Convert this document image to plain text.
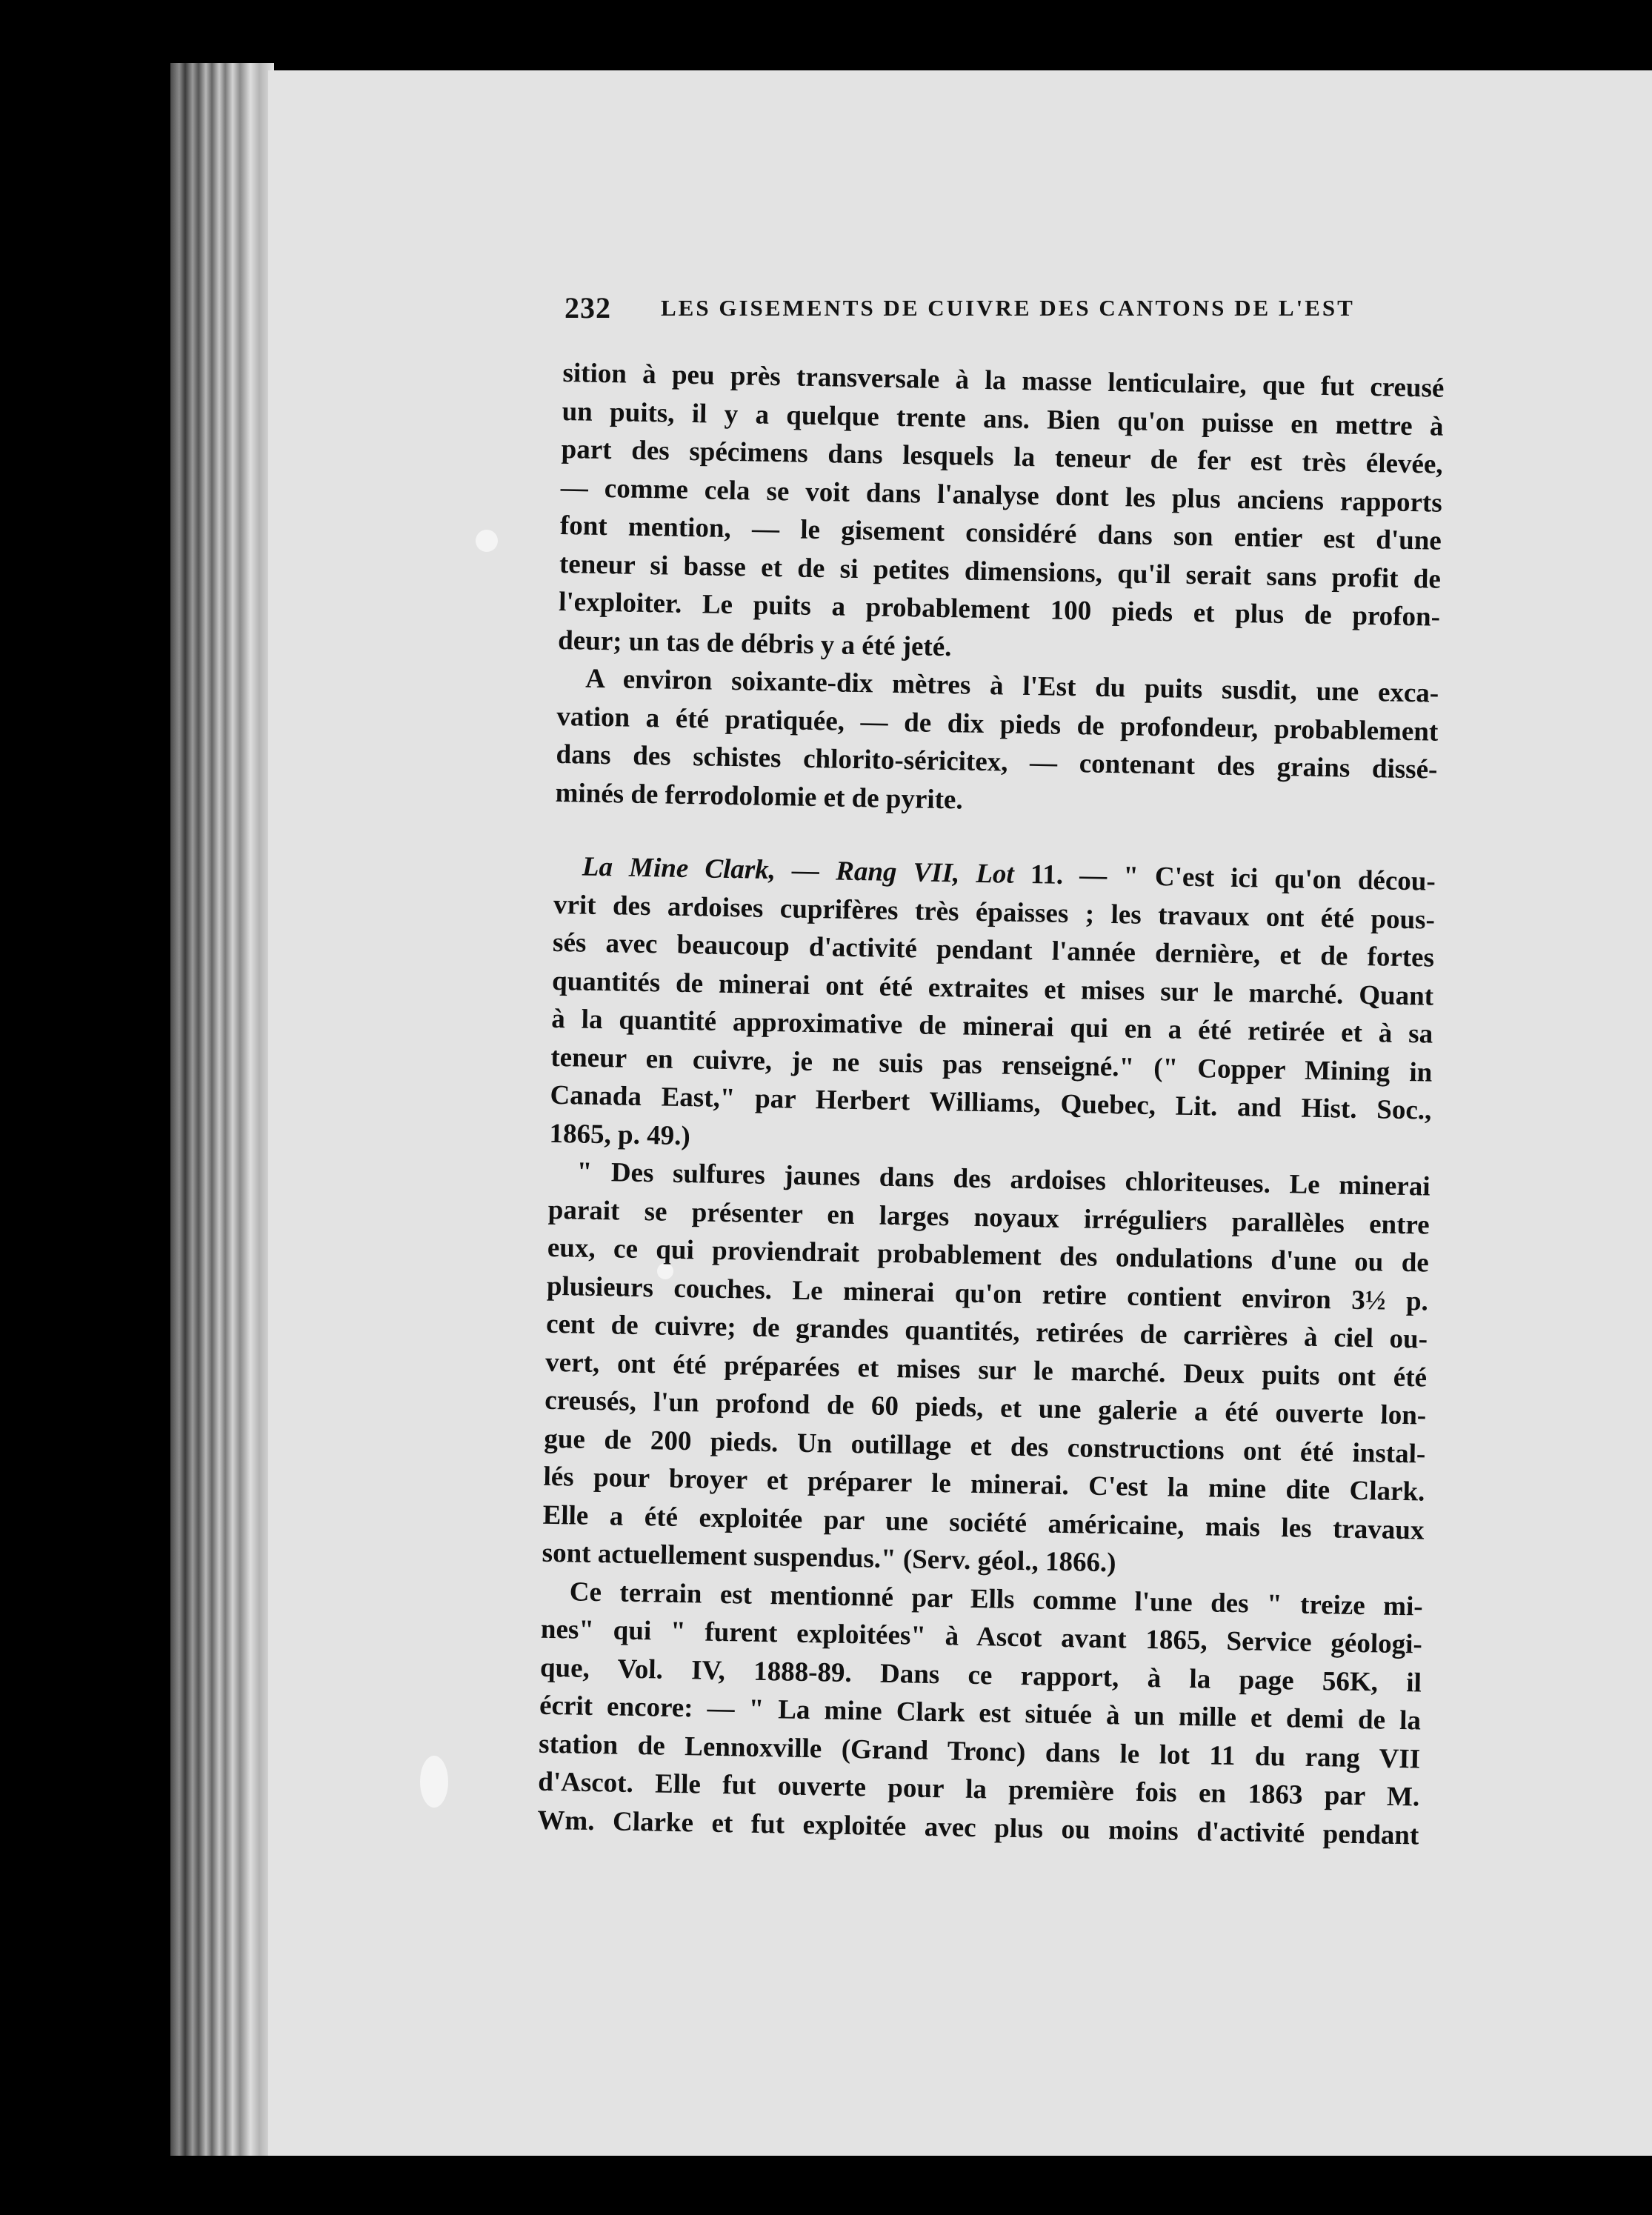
232 LES GISEMENTS DE CUIVRE DES CANTONS DE L'EST
sition à peu près transversale à la masse lenticulaire, que fut creusé
un puits, il y a quelque trente ans. Bien qu'on puisse en mettre à
part des spécimens dans lesquels la teneur de fer est très élevée,
— comme cela se voit dans l'analyse dont les plus anciens rapports
font mention, — le gisement considéré dans son entier est d'une
teneur si basse et de si petites dimensions, qu'il serait sans profit de
l'exploiter. Le puits a probablement 100 pieds et plus de profon-
deur; un tas de débris y a été jeté.
A environ soixante-dix mètres à l'Est du puits susdit, une exca-
vation a été pratiquée, — de dix pieds de profondeur, probablement
dans des schistes chlorito-séricitex, — contenant des grains dissé-
minés de ferrodolomie et de pyrite.
La Mine Clark, — Rang VII, Lot 11. — " C'est ici qu'on décou-
vrit des ardoises cuprifères très épaisses ; les travaux ont été pous-
sés avec beaucoup d'activité pendant l'année dernière, et de fortes
quantités de minerai ont été extraites et mises sur le marché. Quant
à la quantité approximative de minerai qui en a été retirée et à sa
teneur en cuivre, je ne suis pas renseigné." (" Copper Mining in
Canada East," par Herbert Williams, Quebec, Lit. and Hist. Soc.,
1865, p. 49.)
" Des sulfures jaunes dans des ardoises chloriteuses. Le minerai
parait se présenter en larges noyaux irréguliers parallèles entre
eux, ce qui proviendrait probablement des ondulations d'une ou de
plusieurs couches. Le minerai qu'on retire contient environ 3½ p.
cent de cuivre; de grandes quantités, retirées de carrières à ciel ou-
vert, ont été préparées et mises sur le marché. Deux puits ont été
creusés, l'un profond de 60 pieds, et une galerie a été ouverte lon-
gue de 200 pieds. Un outillage et des constructions ont été instal-
lés pour broyer et préparer le minerai. C'est la mine dite Clark.
Elle a été exploitée par une société américaine, mais les travaux
sont actuellement suspendus." (Serv. géol., 1866.)
Ce terrain est mentionné par Ells comme l'une des " treize mi-
nes" qui " furent exploitées" à Ascot avant 1865, Service géologi-
que, Vol. IV, 1888-89. Dans ce rapport, à la page 56K, il
écrit encore: — " La mine Clark est située à un mille et demi de la
station de Lennoxville (Grand Tronc) dans le lot 11 du rang VII
d'Ascot. Elle fut ouverte pour la première fois en 1863 par M.
Wm. Clarke et fut exploitée avec plus ou moins d'activité pendant
